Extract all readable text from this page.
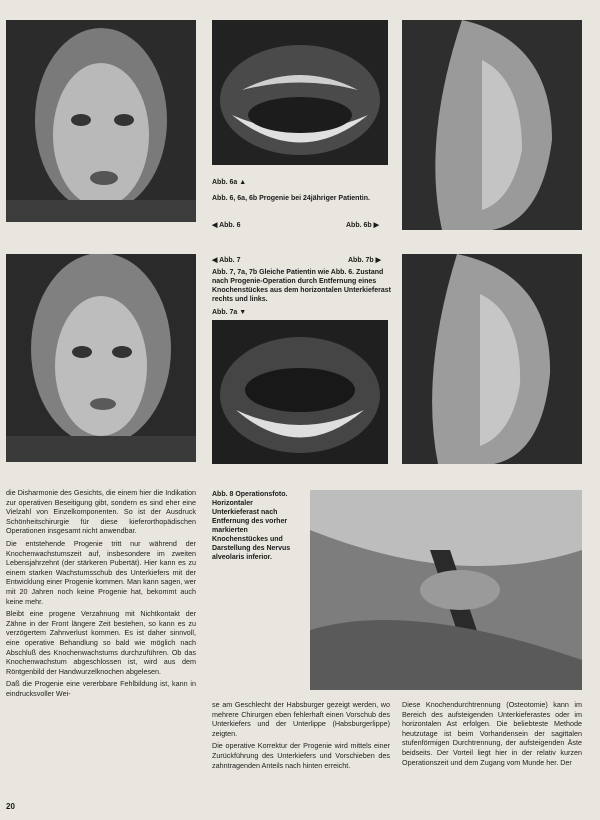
Abb. 6a ▲
Abb. 6, 6a, 6b Progenie bei 24jähriger Patientin.
◀ Abb. 6	Abb. 6b ▶
◀ Abb. 7	Abb. 7b ▶
Abb. 7, 7a, 7b Gleiche Patientin wie Abb. 6. Zustand nach Progenie-Operation durch Entfernung eines Knochenstückes aus dem horizontalen Unterkieferast rechts und links.
Abb. 7a ▼
Abb. 8 Operationsfoto. Horizontaler Unterkieferast nach Entfernung des vorher markierten Knochenstückes und Darstellung des Nervus alveolaris inferior.

die Disharmonie des Gesichts, die einem hier die Indikation zur operativen Beseitigung gibt, sondern es sind eher eine Vielzahl von Einzelkomponenten. So ist der Ausdruck Schönheitschirurgie für diese kieferorthopädischen Operationen insgesamt nicht anwendbar.

Die entstehende Progenie tritt nur während der Knochenwachstumszeit auf, insbesondere im zweiten Lebensjahrzehnt (der stärkeren Pubertät). Hier kann es zu einem starken Wachstumsschub des Unterkiefers mit der Entwicklung einer Progenie kommen. Man kann sagen, wer mit 20 Jahren noch keine Progenie hat, bekommt auch keine mehr.

Bleibt eine progene Verzahnung mit Nichtkontakt der Zähne in der Front längere Zeit bestehen, so kann es zu verzögertem Zahnverlust kommen. Es ist daher sinnvoll, eine operative Behandlung so bald wie möglich nach Abschluß des Knochenwachstums durchzuführen. Ob das Knochenwachstum abgeschlossen ist, wird aus dem Röntgenbild der Handwurzelknochen abgelesen.

Daß die Progenie eine vererbbare Fehlbildung ist, kann in eindrucksvoller Wei-

se am Geschlecht der Habsburger gezeigt werden, wo mehrere Chirurgen eben fehlerhaft einen Vorschub des Unterkiefers und der Unterlippe (Habsburgerlippe) zeigten.

Die operative Korrektur der Progenie wird mittels einer Zurückführung des Unterkiefers und Vorschieben des zahntragenden Anteils nach hinten erreicht.

Diese Knochendurchtrennung (Osteotomie) kann im Bereich des aufsteigenden Unterkieferastes oder im horizontalen Ast erfolgen. Die beliebteste Methode heutzutage ist beim Vorhandensein der sagittalen stufenförmigen Durchtrennung, der aufsteigenden Äste beidseits. Der Vorteil liegt hier in der relativ kurzen Operationszeit und dem Zugang vom Munde her. Der

20
